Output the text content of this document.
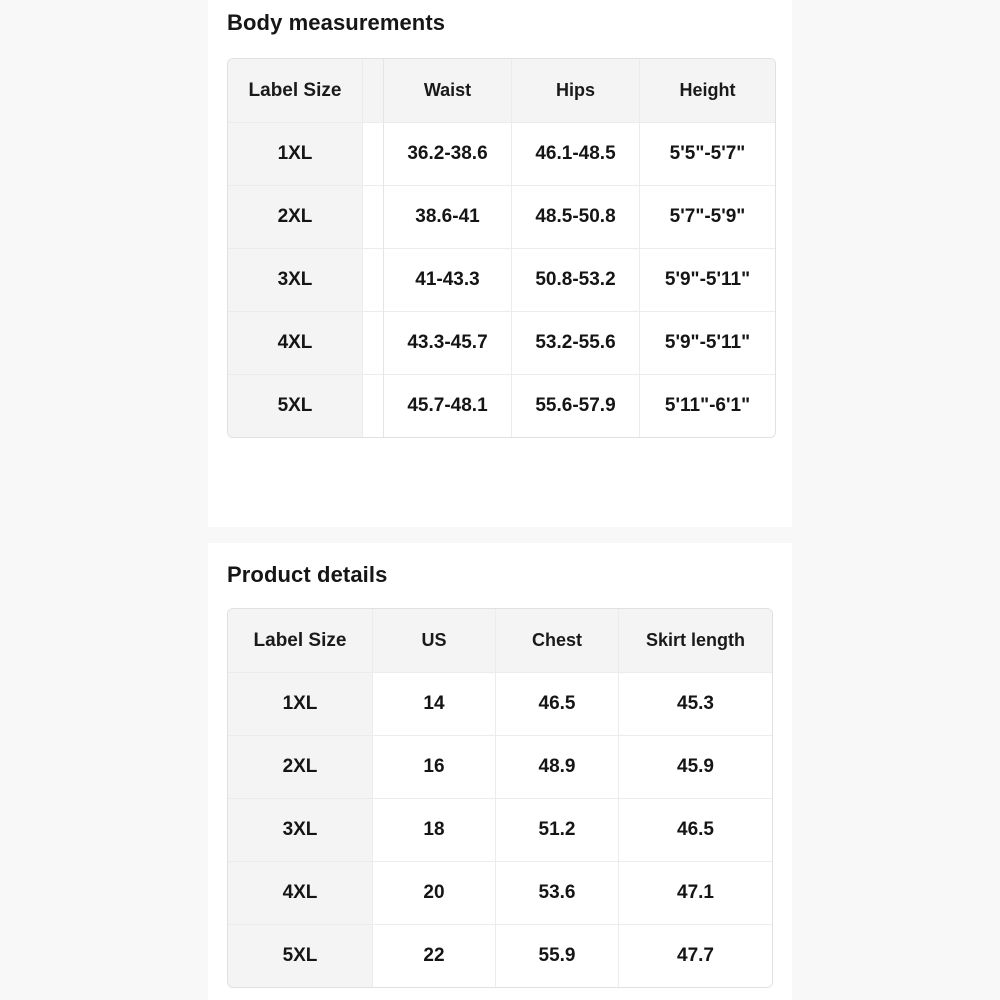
Body measurements
Label Size		Waist	Hips	Height
1XL		36.2-38.6	46.1-48.5	5'5"-5'7"
2XL		38.6-41	48.5-50.8	5'7"-5'9"
3XL		41-43.3	50.8-53.2	5'9"-5'11"
4XL		43.3-45.7	53.2-55.6	5'9"-5'11"
5XL		45.7-48.1	55.6-57.9	5'11"-6'1"
Product details
Label Size	US	Chest	Skirt length
1XL	14	46.5	45.3
2XL	16	48.9	45.9
3XL	18	51.2	46.5
4XL	20	53.6	47.1
5XL	22	55.9	47.7
